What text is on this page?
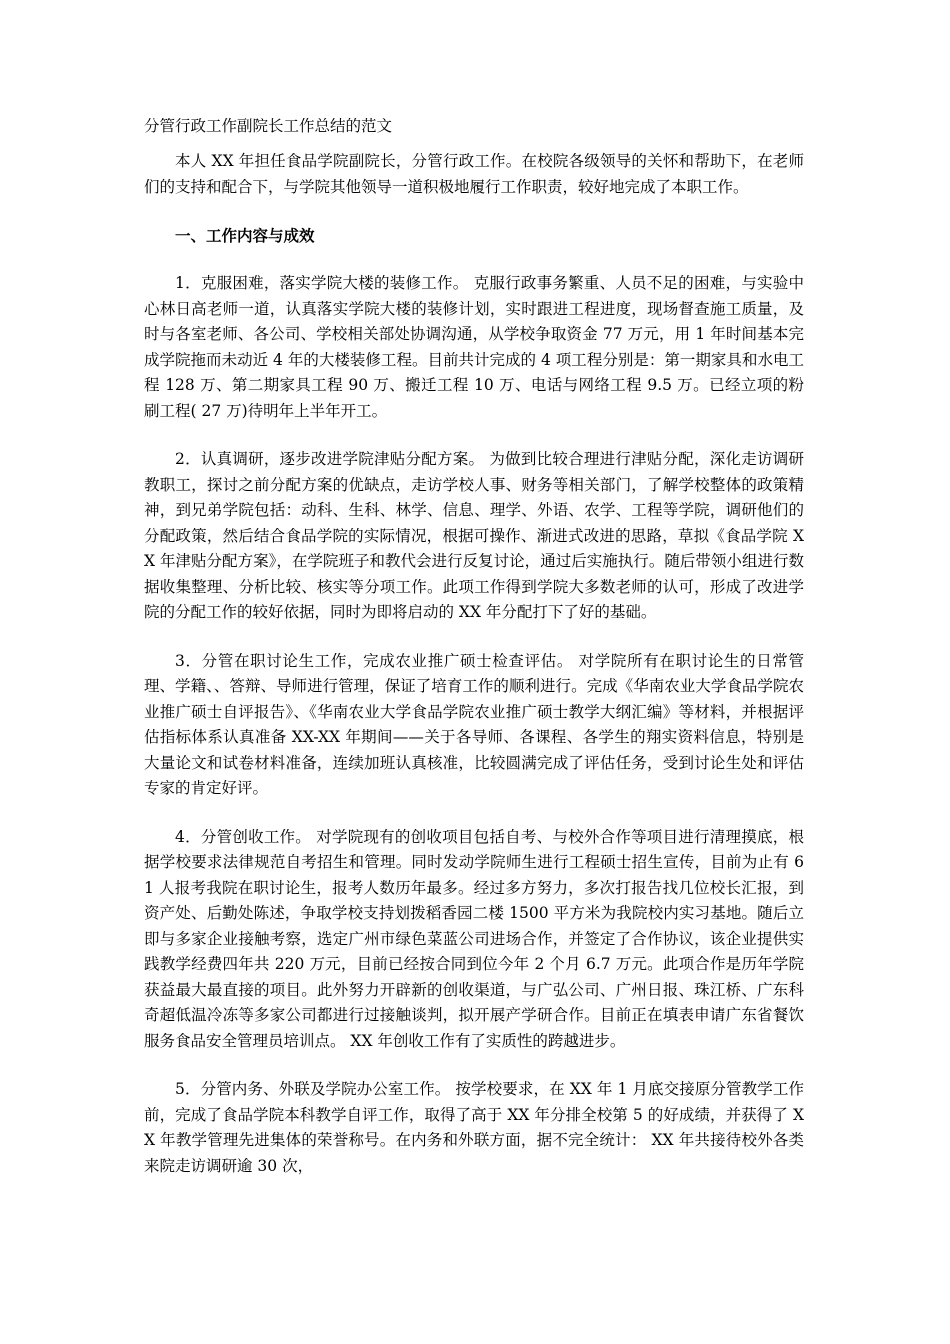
分管行政工作副院长工作总结的范文

本人 XX 年担任食品学院副院长，分管行政工作。在校院各级领导的关怀和帮助下，在老师们的支持和配合下，与学院其他领导一道积极地履行工作职责，较好地完成了本职工作。

一、工作内容与成效

1．克服困难，落实学院大楼的装修工作。 克服行政事务繁重、人员不足的困难，与实验中心林日高老师一道，认真落实学院大楼的装修计划，实时跟进工程进度，现场督查施工质量，及时与各室老师、各公司、学校相关部处协调沟通，从学校争取资金 77 万元，用 1 年时间基本完成学院拖而未动近 4 年的大楼装修工程。目前共计完成的 4 项工程分别是：第一期家具和水电工程 128 万、第二期家具工程 90 万、搬迁工程 10 万、电话与网络工程 9.5 万。已经立项的粉刷工程( 27 万)待明年上半年开工。

2．认真调研，逐步改进学院津贴分配方案。 为做到比较合理进行津贴分配，深化走访调研教职工，探讨之前分配方案的优缺点，走访学校人事、财务等相关部门，了解学校整体的政策精神，到兄弟学院包括：动科、生科、林学、信息、理学、外语、农学、工程等学院，调研他们的分配政策，然后结合食品学院的实际情况，根据可操作、渐进式改进的思路，草拟《食品学院 XX 年津贴分配方案》，在学院班子和教代会进行反复讨论，通过后实施执行。随后带领小组进行数据收集整理、分析比较、核实等分项工作。此项工作得到学院大多数老师的认可，形成了改进学院的分配工作的较好依据，同时为即将启动的 XX 年分配打下了好的基础。

3．分管在职讨论生工作，完成农业推广硕士检查评估。 对学院所有在职讨论生的日常管理、学籍、、答辩、导师进行管理，保证了培育工作的顺利进行。完成《华南农业大学食品学院农业推广硕士自评报告》、《华南农业大学食品学院农业推广硕士教学大纲汇编》等材料，并根据评估指标体系认真准备 XX-XX 年期间——关于各导师、各课程、各学生的翔实资料信息，特别是大量论文和试卷材料准备，连续加班认真核准，比较圆满完成了评估任务，受到讨论生处和评估专家的肯定好评。

4．分管创收工作。 对学院现有的创收项目包括自考、与校外合作等项目进行清理摸底，根据学校要求法律规范自考招生和管理。同时发动学院师生进行工程硕士招生宣传，目前为止有 61 人报考我院在职讨论生，报考人数历年最多。经过多方努力，多次打报告找几位校长汇报，到资产处、后勤处陈述，争取学校支持划拨稻香园二楼 1500 平方米为我院校内实习基地。随后立即与多家企业接触考察，选定广州市绿色菜蓝公司进场合作，并签定了合作协议，该企业提供实践教学经费四年共 220 万元，目前已经按合同到位今年 2 个月 6.7 万元。此项合作是历年学院获益最大最直接的项目。此外努力开辟新的创收渠道，与广弘公司、广州日报、珠江桥、广东科奇超低温冷冻等多家公司都进行过接触谈判，拟开展产学研合作。目前正在填表申请广东省餐饮服务食品安全管理员培训点。 XX 年创收工作有了实质性的跨越进步。

5．分管内务、外联及学院办公室工作。 按学校要求，在 XX 年 1 月底交接原分管教学工作前，完成了食品学院本科教学自评工作，取得了高于 XX 年分排全校第 5 的好成绩，并获得了 XX 年教学管理先进集体的荣誉称号。在内务和外联方面，据不完全统计： XX 年共接待校外各类来院走访调研逾 30 次，
